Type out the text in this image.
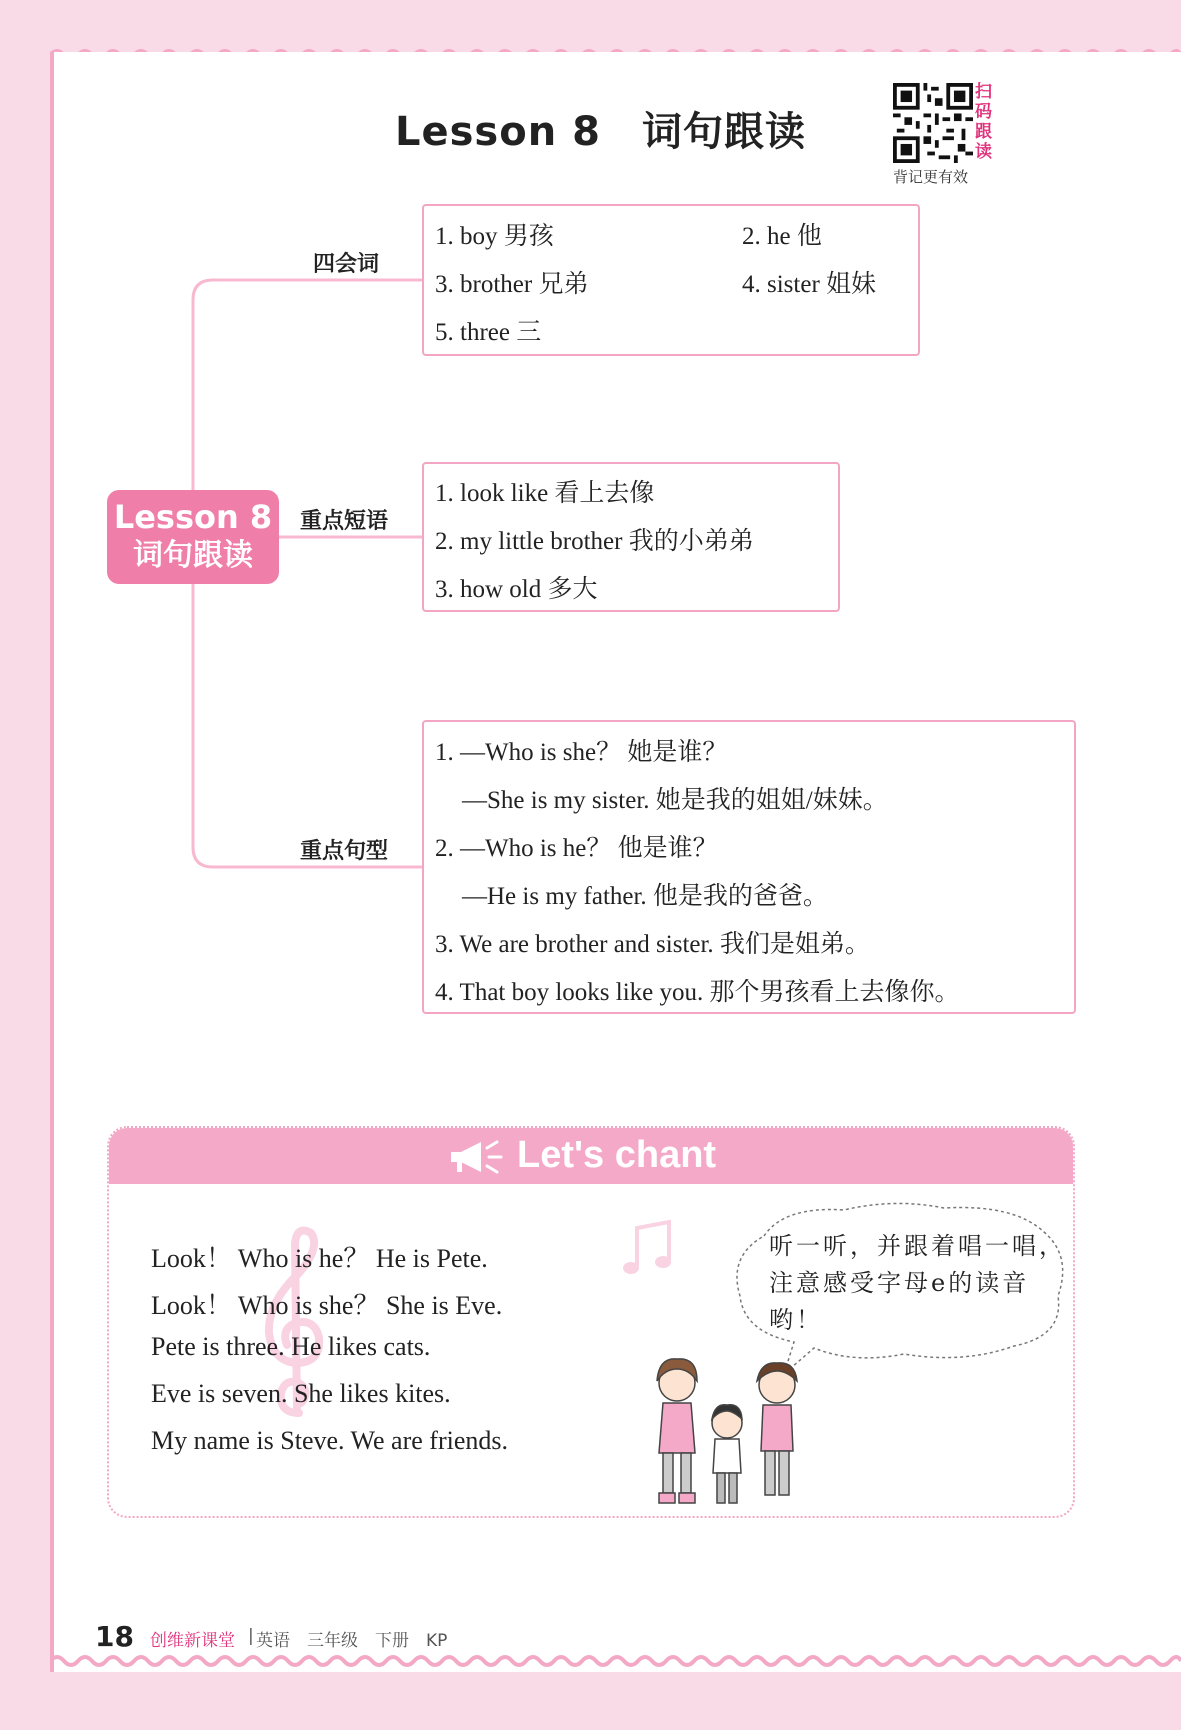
Lesson 8　词句跟读
扫
码
跟
读
背记更有效
Lesson 8
词句跟读
四会词
重点短语
重点句型
1. boy 男孩	2. he 他
3. brother 兄弟	4. sister 姐妹
5. three 三
1. look like 看上去像
2. my little brother 我的小弟弟
3. how old 多大
1. —Who is she？ 她是谁？
—She is my sister. 她是我的姐姐/妹妹。
2. —Who is he？ 他是谁？
—He is my father. 他是我的爸爸。
3. We are brother and sister. 我们是姐弟。
4. That boy looks like you. 那个男孩看上去像你。
Let's chant
Look！ Who is he？ He is Pete.
Look！ Who is she？ She is Eve.
Pete is three. He likes cats.
Eve is seven. She likes kites.
My name is Steve. We are friends.
听一听，并跟着唱一唱，注意感受字母e的读音哟！
18 创维新课堂 | 英语　三年级　下册　KP
